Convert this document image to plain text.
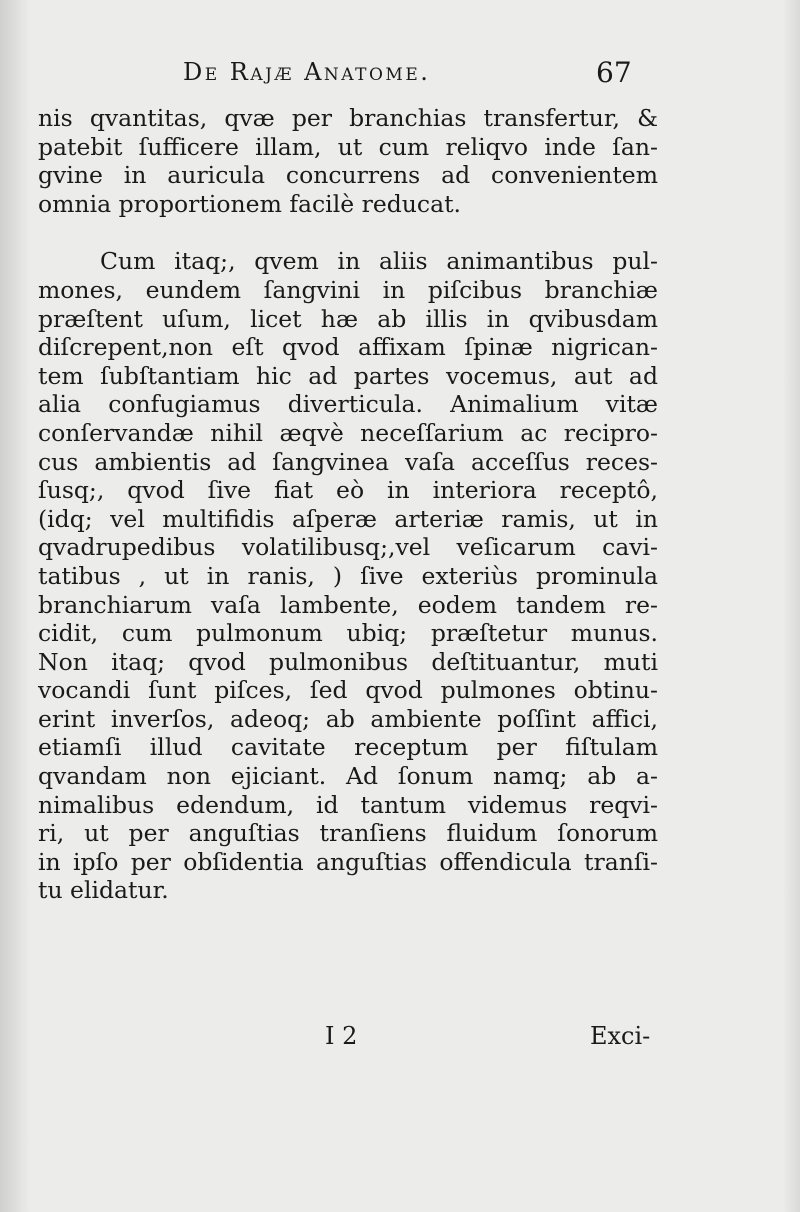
De Rajæ Anatome.	67
nis qvantitas, qvæ per branchias transfertur, &
patebit ſufficere illam, ut cum reliqvo inde ſan-
gvine in auricula concurrens ad convenientem
omnia proportionem facilè reducat.
Cum itaq;, qvem in aliis animantibus pul-
mones, eundem ſangvini in piſcibus branchiæ
præſtent uſum, licet hæ ab illis in qvibusdam
diſcrepent,non eſt qvod affixam ſpinæ nigrican-
tem ſubſtantiam hic ad partes vocemus, aut ad
alia confugiamus diverticula. Animalium vitæ
conſervandæ nihil æqvè neceſſarium ac recipro-
cus ambientis ad ſangvinea vaſa acceſſus reces-
ſusq;, qvod ſive fiat eò in interiora receptô,
(idq; vel multifidis aſperæ arteriæ ramis, ut in
qvadrupedibus volatilibusq;,vel veſicarum cavi-
tatibus , ut in ranis, ) ſive exteriùs prominula
branchiarum vaſa lambente, eodem tandem re-
cidit, cum pulmonum ubiq; præſtetur munus.
Non itaq; qvod pulmonibus deſtituantur, muti
vocandi ſunt piſces, ſed qvod pulmones obtinu-
erint inverſos, adeoq; ab ambiente poſſint affici,
etiamſi illud cavitate receptum per fiſtulam
qvandam non ejiciant. Ad ſonum namq; ab a-
nimalibus edendum, id tantum videmus reqvi-
ri, ut per anguſtias tranſiens fluidum ſonorum
in ipſo per obſidentia anguſtias offendicula tranſi-
tu elidatur.
I 2	Exci-
